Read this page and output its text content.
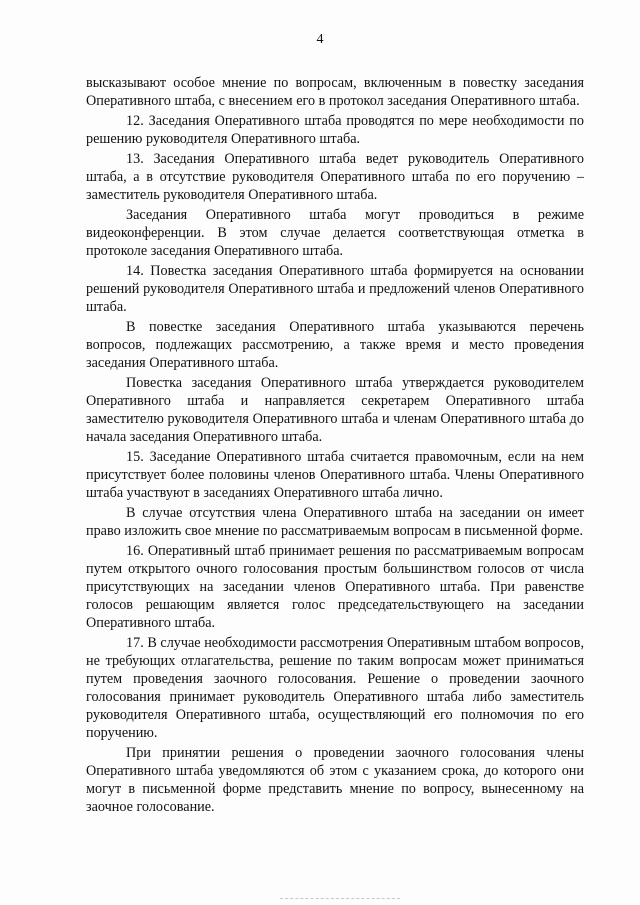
4

высказывают особое мнение по вопросам, включенным в повестку заседания Оперативного штаба, с внесением его в протокол заседания Оперативного штаба.

12. Заседания Оперативного штаба проводятся по мере необходимости по решению руководителя Оперативного штаба.

13. Заседания Оперативного штаба ведет руководитель Оперативного штаба, а в отсутствие руководителя Оперативного штаба по его поручению – заместитель руководителя Оперативного штаба.

Заседания Оперативного штаба могут проводиться в режиме видеоконференции. В этом случае делается соответствующая отметка в протоколе заседания Оперативного штаба.

14. Повестка заседания Оперативного штаба формируется на основании решений руководителя Оперативного штаба и предложений членов Оперативного штаба.

В повестке заседания Оперативного штаба указываются перечень вопросов, подлежащих рассмотрению, а также время и место проведения заседания Оперативного штаба.

Повестка заседания Оперативного штаба утверждается руководителем Оперативного штаба и направляется секретарем Оперативного штаба заместителю руководителя Оперативного штаба и членам Оперативного штаба до начала заседания Оперативного штаба.

15. Заседание Оперативного штаба считается правомочным, если на нем присутствует более половины членов Оперативного штаба. Члены Оперативного штаба участвуют в заседаниях Оперативного штаба лично.

В случае отсутствия члена Оперативного штаба на заседании он имеет право изложить свое мнение по рассматриваемым вопросам в письменной форме.

16. Оперативный штаб принимает решения по рассматриваемым вопросам путем открытого очного голосования простым большинством голосов от числа присутствующих на заседании членов Оперативного штаба. При равенстве голосов решающим является голос председательствующего на заседании Оперативного штаба.

17. В случае необходимости рассмотрения Оперативным штабом вопросов, не требующих отлагательства, решение по таким вопросам может приниматься путем проведения заочного голосования. Решение о проведении заочного голосования принимает руководитель Оперативного штаба либо заместитель руководителя Оперативного штаба, осуществляющий его полномочия по его поручению.

При принятии решения о проведении заочного голосования члены Оперативного штаба уведомляются об этом с указанием срока, до которого они могут в письменной форме представить мнение по вопросу, вынесенному на заочное голосование.
